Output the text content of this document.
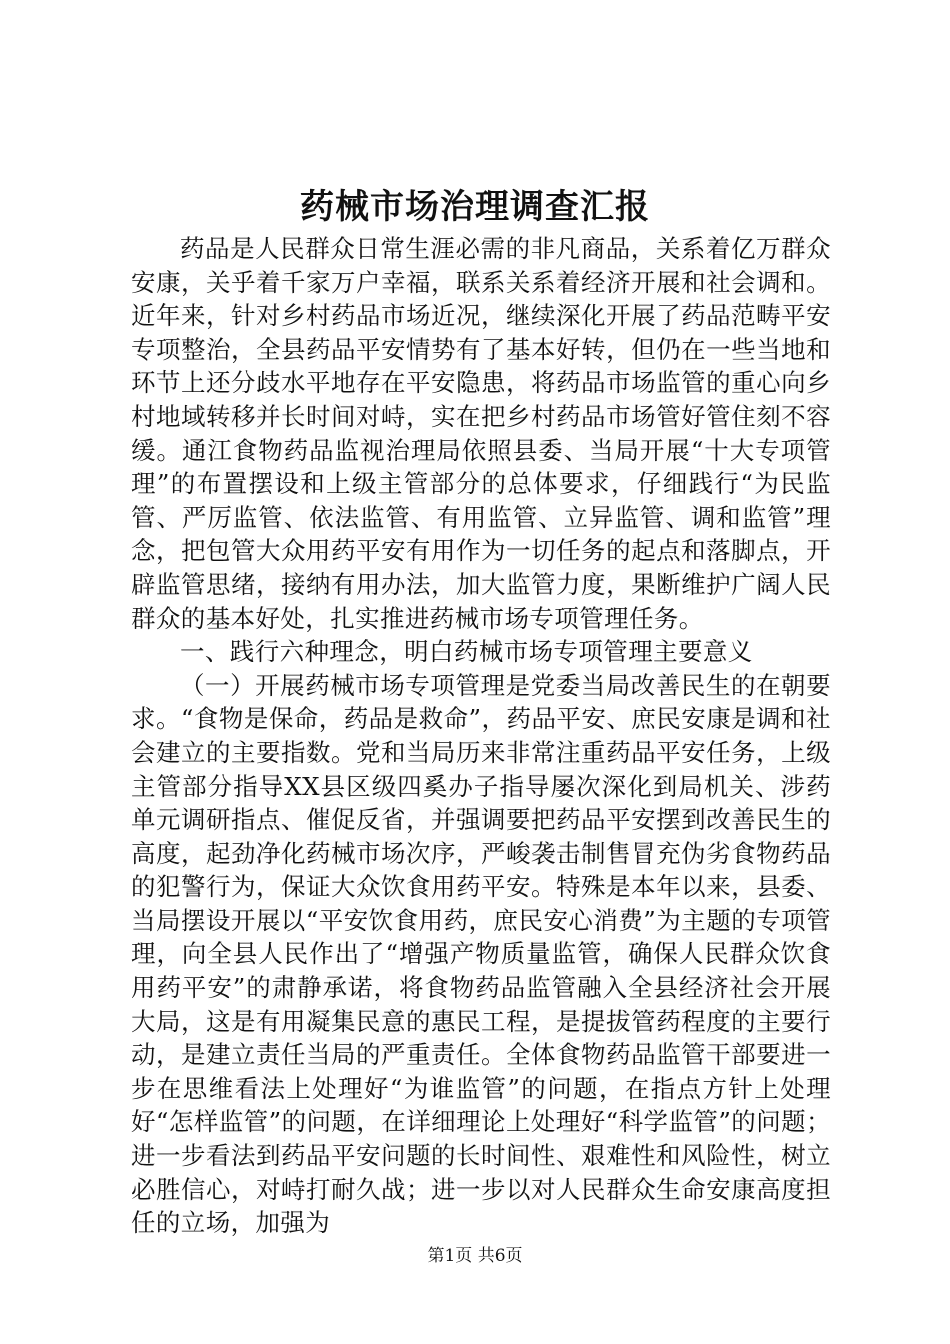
药械市场治理调查汇报

药品是人民群众日常生涯必需的非凡商品，关系着亿万群众安康，关乎着千家万户幸福，联系关系着经济开展和社会调和。近年来，针对乡村药品市场近况，继续深化开展了药品范畴平安专项整治，全县药品平安情势有了基本好转，但仍在一些当地和环节上还分歧水平地存在平安隐患，将药品市场监管的重心向乡村地域转移并长时间对峙，实在把乡村药品市场管好管住刻不容缓。通江食物药品监视治理局依照县委、当局开展“十大专项管理”的布置摆设和上级主管部分的总体要求，仔细践行“为民监管、严厉监管、依法监管、有用监管、立异监管、调和监管”理念，把包管大众用药平安有用作为一切任务的起点和落脚点，开辟监管思绪，接纳有用办法，加大监管力度，果断维护广阔人民群众的基本好处，扎实推进药械市场专项管理任务。

一、践行六种理念，明白药械市场专项管理主要意义

（一）开展药械市场专项管理是党委当局改善民生的在朝要求。“食物是保命，药品是救命”，药品平安、庶民安康是调和社会建立的主要指数。党和当局历来非常注重药品平安任务，上级主管部分指导XX县区级四奚办子指导屡次深化到局机关、涉药单元调研指点、催促反省，并强调要把药品平安摆到改善民生的高度，起劲净化药械市场次序，严峻袭击制售冒充伪劣食物药品的犯警行为，保证大众饮食用药平安。特殊是本年以来，县委、当局摆设开展以“平安饮食用药，庶民安心消费”为主题的专项管理，向全县人民作出了“增强产物质量监管，确保人民群众饮食用药平安”的肃静承诺，将食物药品监管融入全县经济社会开展大局，这是有用凝集民意的惠民工程，是提拔管药程度的主要行动，是建立责任当局的严重责任。全体食物药品监管干部要进一步在思维看法上处理好“为谁监管”的问题，在指点方针上处理好“怎样监管”的问题，在详细理论上处理好“科学监管”的问题；进一步看法到药品平安问题的长时间性、艰难性和风险性，树立必胜信心，对峙打耐久战；进一步以对人民群众生命安康高度担任的立场，加强为

第1页 共6页
